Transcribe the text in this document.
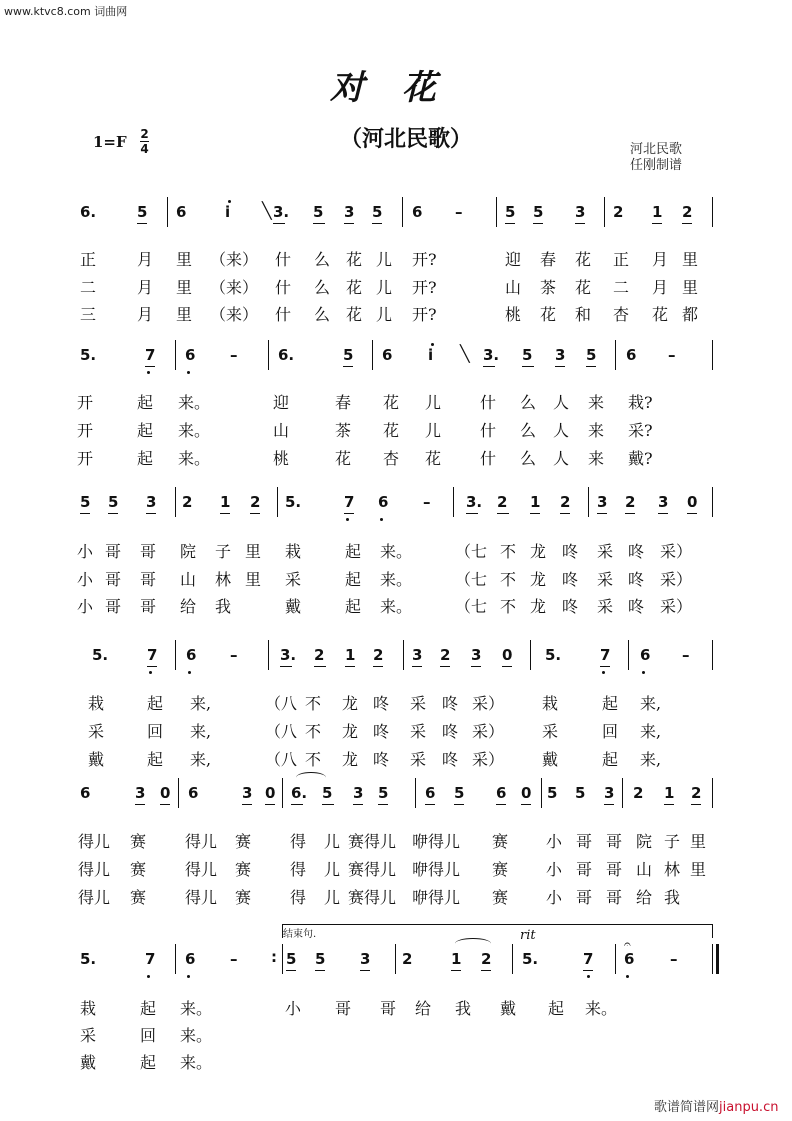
www.ktvc8.com 词曲网
对花
（河北民歌）
1=F 2
4	河北民歌
任刚制谱
6.	5 6	i	3. 5 3 5 6 –	5 5 3 2 1 2
╲
正	月 里 （来） 什 么 花 儿 开?	迎 春 花 正 月 里
二	月 里 （来） 什 么 花 儿 开?	山 茶 花 二 月 里
三	月 里 （来） 什 么 花 儿 开?	桃 花 和 杏 花 都
5.	7 6 –	6.	5 6 i	3. 5 3 5 6 –
╲
开	起 来。	迎	春 花 儿 什 么 人 来 栽?
开	起 来。	山	茶 花 儿 什 么 人 来 采?
开	起 来。	桃	花 杏 花 什 么 人 来 戴?
5 5 3 2 1 2 5.	7 6 – 3. 2 1 2 3 2 3 0
小 哥 哥 院 子 里 栽	起 来。	（七 不 龙 咚 采 咚 采）
小 哥 哥 山 林 里 采	起 来。	（七 不 龙 咚 采 咚 采）
小 哥 哥 给 我	戴	起 来。	（七 不 龙 咚 采 咚 采）
5.	7 6 –	3. 2 1 2 3 2 3 0 5.	7 6 –
栽	起 来,	（八 不 龙 咚 采 咚 采） 栽	起 来,
采	回 来,	（八 不 龙 咚 采 咚 采） 采	回 来,
戴	起 来,	（八 不 龙 咚 采 咚 采） 戴	起 来,
6	3 0 6	3 0 6. 5 3 5 6 5 6 0 5 5 3 2 1 2
得儿 赛 得儿 赛 得 儿 赛得儿 咿得儿 赛 小 哥 哥 院 子 里
得儿 赛 得儿 赛 得 儿 赛得儿 咿得儿 赛 小 哥 哥 山 林 里
得儿 赛 得儿 赛 得 儿 赛得儿 咿得儿 赛 小 哥 哥 给 我
5.	7 6 –	5 5 3 2	1 2 5.	7 6 –
栽	起 来。	小 哥 哥 给 我 戴 起 来。
采	回 来。
戴	起 来。
:
𝄐
结束句.	rit
歌谱简谱网jianpu.cn
